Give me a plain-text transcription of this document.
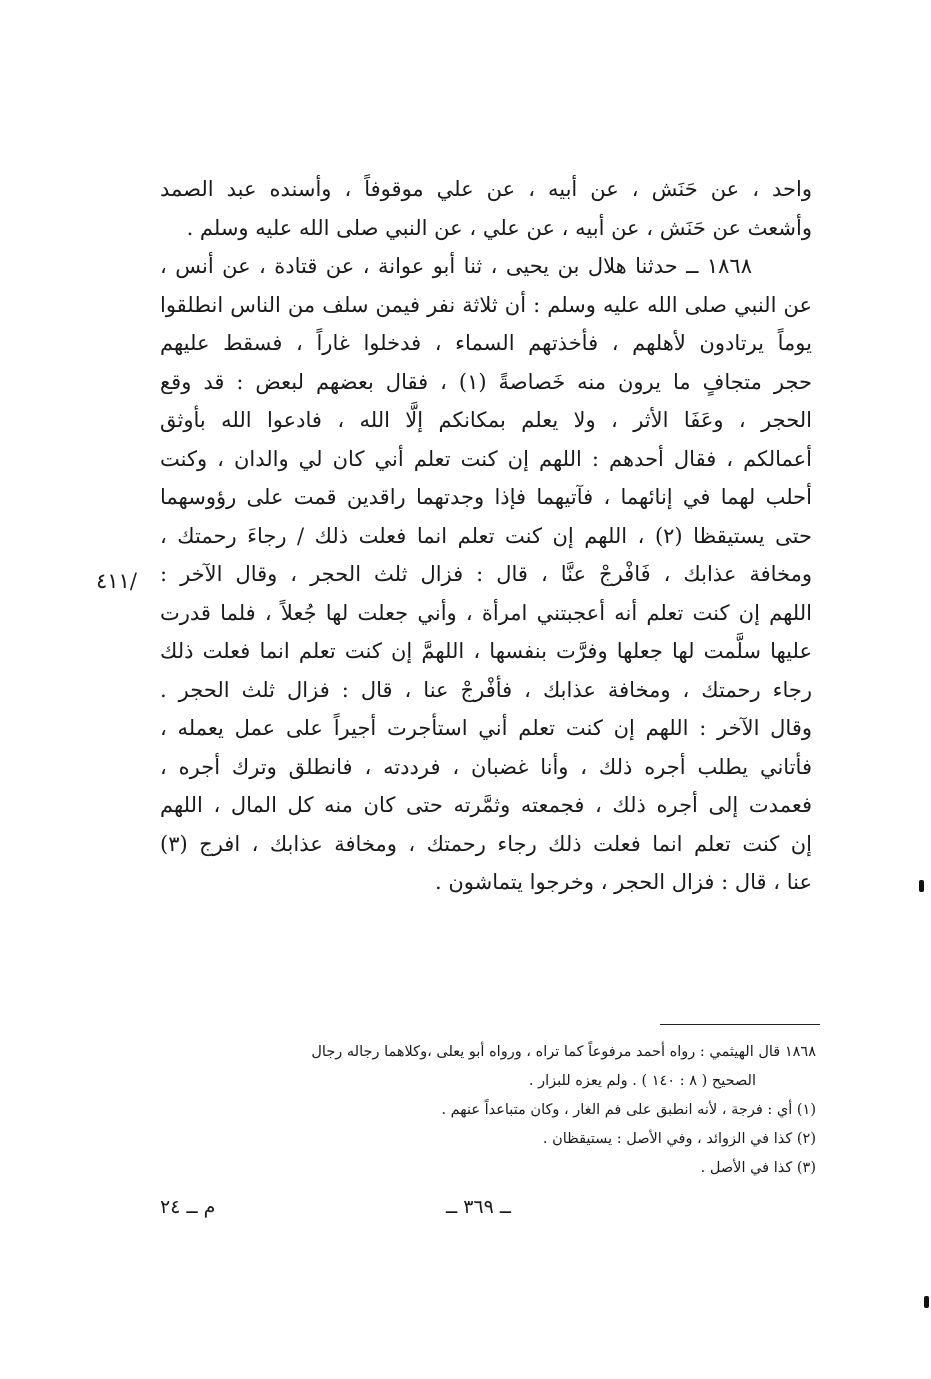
واحد ، عن حَنَش ، عن أبيه ، عن علي موقوفاً ، وأسنده عبد الصمد
وأشعث عن حَنَش ، عن أبيه ، عن علي ، عن النبي صلى الله عليه وسلم .
١٨٦٨ ــ حدثنا هلال بن يحيى ، ثنا أبو عوانة ، عن قتادة ، عن أنس ،
عن النبي صلى الله عليه وسلم : أن ثلاثة نفر فيمن سلف من الناس انطلقوا
يوماً يرتادون لأهلهم ، فأخذتهم السماء ، فدخلوا غاراً ، فسقط عليهم
حجر متجافٍ ما يرون منه خَصاصةً (١) ، فقال بعضهم لبعض : قد وقع
الحجر ، وعَفَا الأثر ، ولا يعلم بمكانكم إلَّا الله ، فادعوا الله بأوثق
أعمالكم ، فقال أحدهم : اللهم إن كنت تعلم أني كان لي والدان ، وكنت
أحلب لهما في إنائهما ، فآتيهما فإذا وجدتهما راقدين قمت على رؤوسهما
حتى يستيقظا (٢) ، اللهم إن كنت تعلم انما فعلت ذلك / رجاءَ رحمتك ،
ومخافة عذابك ، فَافْرجْ عنَّا ، قال : فزال ثلث الحجر ، وقال الآخر :
اللهم إن كنت تعلم أنه أعجبتني امرأة ، وأني جعلت لها جُعلاً ، فلما قدرت
عليها سلَّمت لها جعلها وفرَّت بنفسها ، اللهمَّ إن كنت تعلم انما فعلت ذلك
رجاء رحمتك ، ومخافة عذابك ، فأفْرجْ عنا ، قال : فزال ثلث الحجر .
وقال الآخر : اللهم إن كنت تعلم أني استأجرت أجيراً على عمل يعمله ،
فأتاني يطلب أجره ذلك ، وأنا غضبان ، فرددته ، فانطلق وترك أجره ،
فعمدت إلى أجره ذلك ، فجمعته وثمَّرته حتى كان منه كل المال ، اللهم
إن كنت تعلم انما فعلت ذلك رجاء رحمتك ، ومخافة عذابك ، افرج (٣)
عنا ، قال : فزال الحجر ، وخرجوا يتماشون .
٤١١/
١٨٦٨ قال الهيثمي : رواه أحمد مرفوعاً كما تراه ، ورواه أبو يعلى ،وكلاهما رجاله رجال
الصحيح ( ٨ : ١٤٠ ) . ولم يعزه للبزار .
(١) أي : فرجة ، لأنه انطبق على فم الغار ، وكان متباعداً عنهم .
(٢) كذا في الزوائد ، وفي الأصل : يستيقظان .
(٣) كذا في الأصل .
ــ ٣٦٩ ــ
م ــ ٢٤
